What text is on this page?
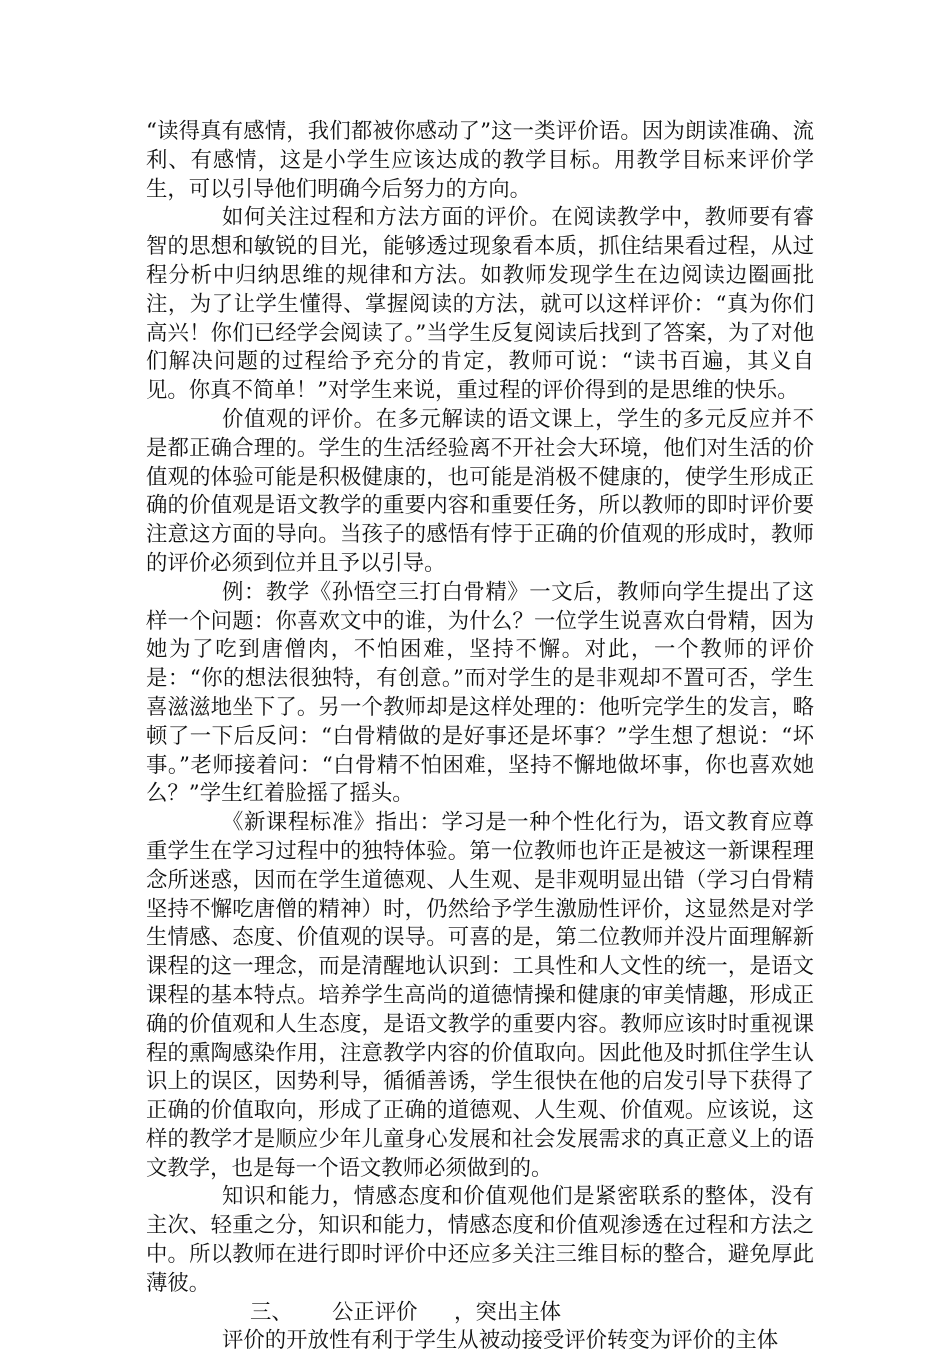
“读得真有感情，我们都被你感动了”这一类评价语。因为朗读准确、流利、有感情，这是小学生应该达成的教学目标。用教学目标来评价学生，可以引导他们明确今后努力的方向。

如何关注过程和方法方面的评价。在阅读教学中，教师要有睿智的思想和敏锐的目光，能够透过现象看本质，抓住结果看过程，从过程分析中归纳思维的规律和方法。如教师发现学生在边阅读边圈画批注，为了让学生懂得、掌握阅读的方法，就可以这样评价：“真为你们高兴！你们已经学会阅读了。”当学生反复阅读后找到了答案，为了对他们解决问题的过程给予充分的肯定，教师可说：“读书百遍，其义自见。你真不简单！”对学生来说，重过程的评价得到的是思维的快乐。

价值观的评价。在多元解读的语文课上，学生的多元反应并不是都正确合理的。学生的生活经验离不开社会大环境，他们对生活的价值观的体验可能是积极健康的，也可能是消极不健康的，使学生形成正确的价值观是语文教学的重要内容和重要任务，所以教师的即时评价要注意这方面的导向。当孩子的感悟有悖于正确的价值观的形成时，教师的评价必须到位并且予以引导。

例：教学《孙悟空三打白骨精》一文后，教师向学生提出了这样一个问题：你喜欢文中的谁，为什么？一位学生说喜欢白骨精，因为她为了吃到唐僧肉，不怕困难，坚持不懈。对此，一个教师的评价是：“你的想法很独特，有创意。”而对学生的是非观却不置可否，学生喜滋滋地坐下了。另一个教师却是这样处理的：他听完学生的发言，略顿了一下后反问：“白骨精做的是好事还是坏事？”学生想了想说：“坏事。”老师接着问：“白骨精不怕困难，坚持不懈地做坏事，你也喜欢她么？”学生红着脸摇了摇头。

《新课程标准》指出：学习是一种个性化行为，语文教育应尊重学生在学习过程中的独特体验。第一位教师也许正是被这一新课程理念所迷惑，因而在学生道德观、人生观、是非观明显出错（学习白骨精坚持不懈吃唐僧的精神）时，仍然给予学生激励性评价，这显然是对学生情感、态度、价值观的误导。可喜的是，第二位教师并没片面理解新课程的这一理念，而是清醒地认识到：工具性和人文性的统一，是语文课程的基本特点。培养学生高尚的道德情操和健康的审美情趣，形成正确的价值观和人生态度，是语文教学的重要内容。教师应该时时重视课程的熏陶感染作用，注意教学内容的价值取向。因此他及时抓住学生认识上的误区，因势利导，循循善诱，学生很快在他的启发引导下获得了正确的价值取向，形成了正确的道德观、人生观、价值观。应该说，这样的教学才是顺应少年儿童身心发展和社会发展需求的真正意义上的语文教学，也是每一个语文教师必须做到的。

知识和能力，情感态度和价值观他们是紧密联系的整体，没有主次、轻重之分，知识和能力，情感态度和价值观渗透在过程和方法之中。所以教师在进行即时评价中还应多关注三维目标的整合，避免厚此薄彼。

三、 公正评价 ，突出主体

评价的开放性有利于学生从被动接受评价转变为评价的主体
